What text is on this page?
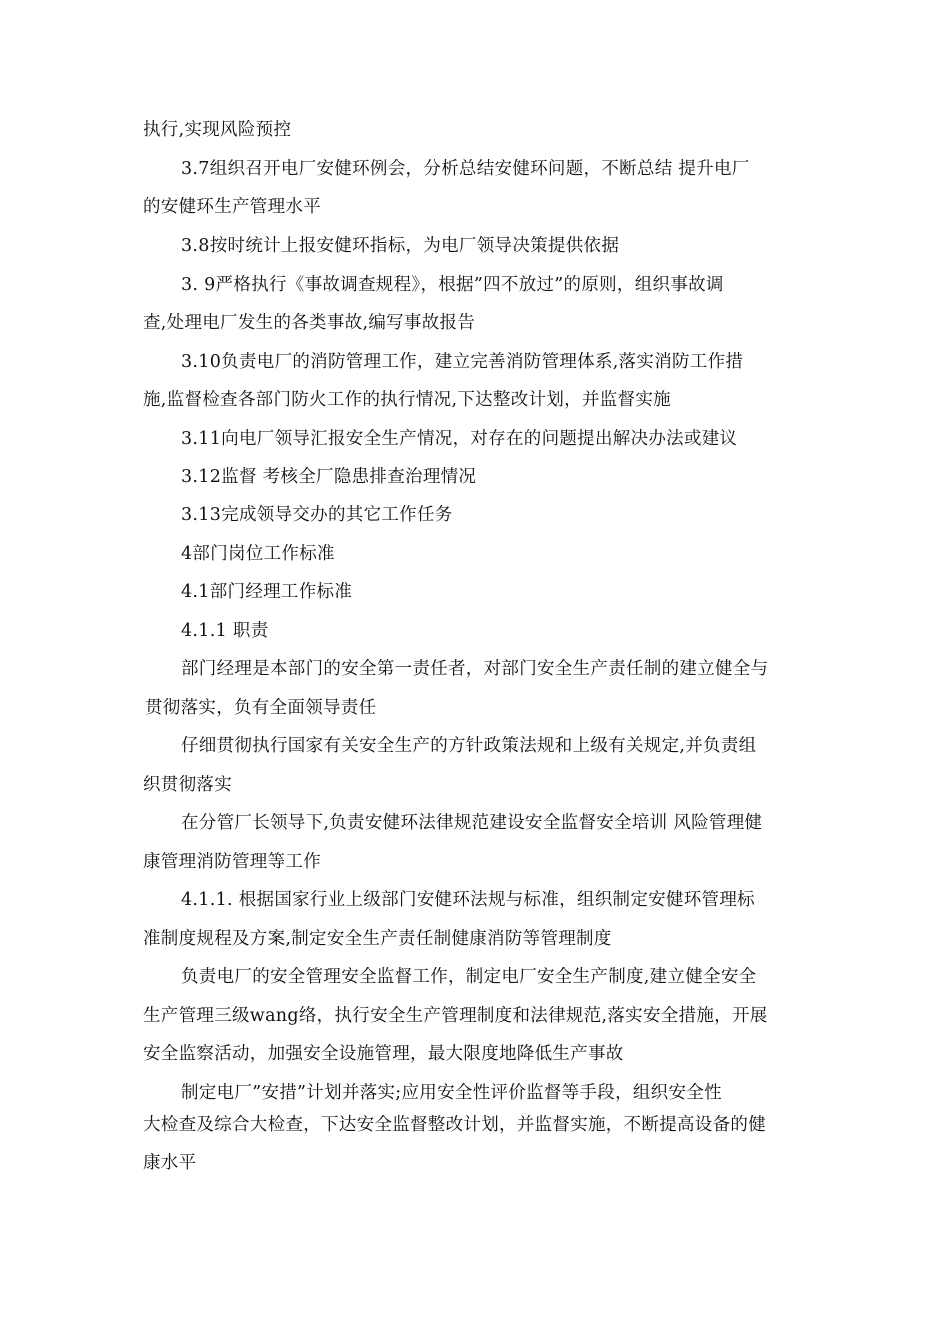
执行,实现风险预控
3.7组织召开电厂安健环例会，分析总结安健环问题，不断总结 提升电厂
的安健环生产管理水平
3.8按时统计上报安健环指标，为电厂领导决策提供依据
3. 9严格执行《事故调查规程》，根据”四不放过”的原则，组织事故调
查,处理电厂发生的各类事故,编写事故报告
3.10负责电厂的消防管理工作，建立完善消防管理体系,落实消防工作措
施,监督检查各部门防火工作的执行情况,下达整改计划，并监督实施
3.11向电厂领导汇报安全生产情况，对存在的问题提出解决办法或建议
3.12监督 考核全厂隐患排查治理情况
3.13完成领导交办的其它工作任务
4部门岗位工作标准
4.1部门经理工作标准
4.1.1 职责
部门经理是本部门的安全第一责任者，对部门安全生产责任制的建立健全与
贯彻落实，负有全面领导责任
仔细贯彻执行国家有关安全生产的方针政策法规和上级有关规定,并负责组
织贯彻落实
在分管厂长领导下,负责安健环法律规范建设安全监督安全培训 风险管理健
康管理消防管理等工作
4.1.1. 根据国家行业上级部门安健环法规与标准，组织制定安健环管理标
准制度规程及方案,制定安全生产责任制健康消防等管理制度
负责电厂的安全管理安全监督工作，制定电厂安全生产制度,建立健全安全
生产管理三级wang络，执行安全生产管理制度和法律规范,落实安全措施，开展
安全监察活动，加强安全设施管理，最大限度地降低生产事故
制定电厂”安措”计划并落实;应用安全性评价监督等手段，组织安全性
大检查及综合大检查，下达安全监督整改计划，并监督实施，不断提高设备的健
康水平
